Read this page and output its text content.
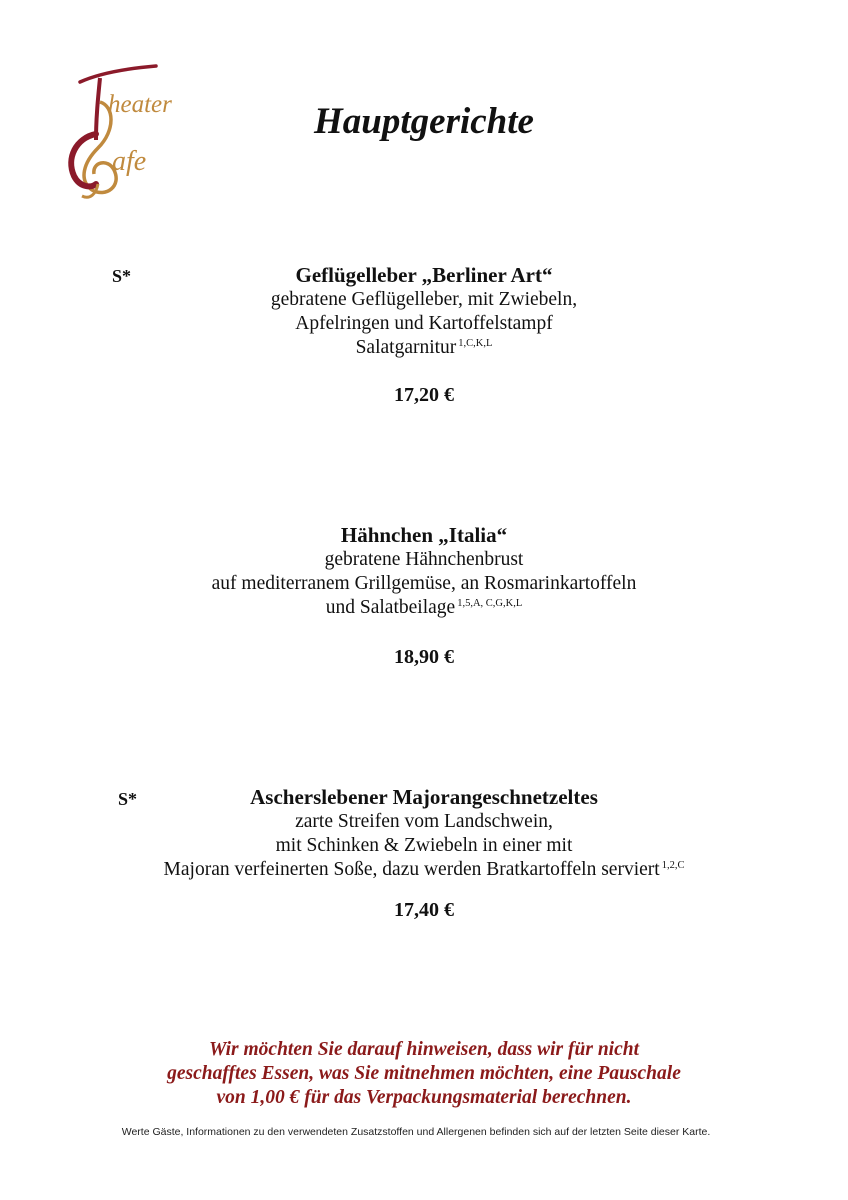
heater
afe
Hauptgerichte
S*	Geflügelleber „Berliner Art“

gebratene Geflügelleber, mit Zwiebeln,

Apfelringen und Kartoffelstampf

Salatgarnitur $^{1,C,K,L}$

17,20 €

Hähnchen „Italia“

gebratene Hähnchenbrust

auf mediterranem Grillgemüse, an Rosmarinkartoffeln

und Salatbeilage $^{1,5,A, C,G,K,L}$

18,90 €
S*	Ascherslebener Majorangeschnetzeltes

zarte Streifen vom Landschwein,

mit Schinken & Zwiebeln in einer mit

Majoran verfeinerten Soße, dazu werden Bratkartoffeln serviert $^{1,2,C}$

17,40 €

Wir möchten Sie darauf hinweisen, dass wir für nicht

geschafftes Essen, was Sie mitnehmen möchten, eine Pauschale

von 1,00 € für das Verpackungsmaterial berechnen.

Werte Gäste, Informationen zu den verwendeten Zusatzstoffen und Allergenen befinden sich auf der letzten Seite dieser Karte.
